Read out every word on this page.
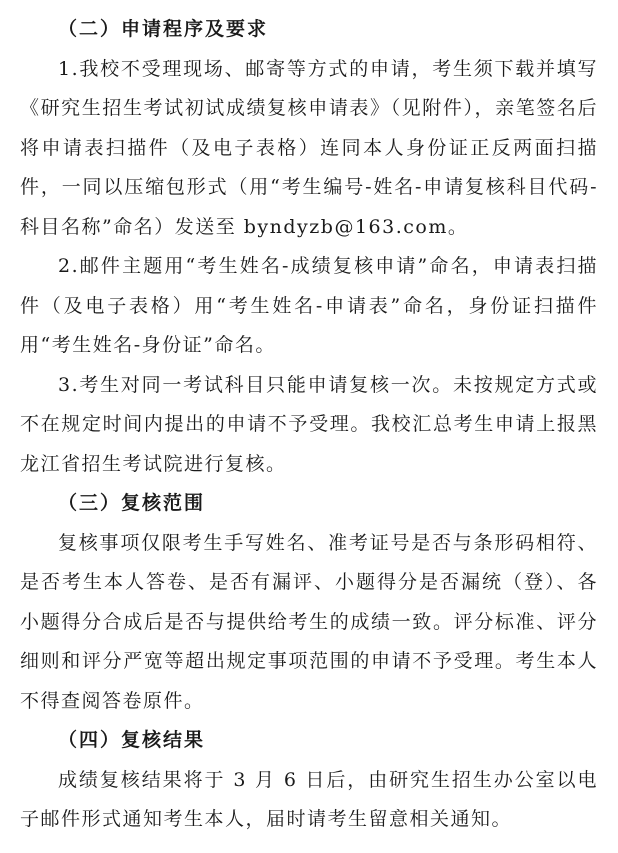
（二）申请程序及要求

1.我校不受理现场、邮寄等方式的申请，考生须下载并填写《研究生招生考试初试成绩复核申请表》（见附件），亲笔签名后将申请表扫描件（及电子表格）连同本人身份证正反两面扫描件，一同以压缩包形式（用“考生编号-姓名-申请复核科目代码-科目名称”命名）发送至 byndyzb@163.com。

2.邮件主题用“考生姓名-成绩复核申请”命名，申请表扫描件（及电子表格）用“考生姓名-申请表”命名，身份证扫描件用“考生姓名-身份证”命名。

3.考生对同一考试科目只能申请复核一次。未按规定方式或不在规定时间内提出的申请不予受理。我校汇总考生申请上报黑龙江省招生考试院进行复核。

（三）复核范围

复核事项仅限考生手写姓名、准考证号是否与条形码相符、是否考生本人答卷、是否有漏评、小题得分是否漏统（登）、各小题得分合成后是否与提供给考生的成绩一致。评分标准、评分细则和评分严宽等超出规定事项范围的申请不予受理。考生本人不得查阅答卷原件。

（四）复核结果

成绩复核结果将于 3 月 6 日后，由研究生招生办公室以电子邮件形式通知考生本人，届时请考生留意相关通知。
